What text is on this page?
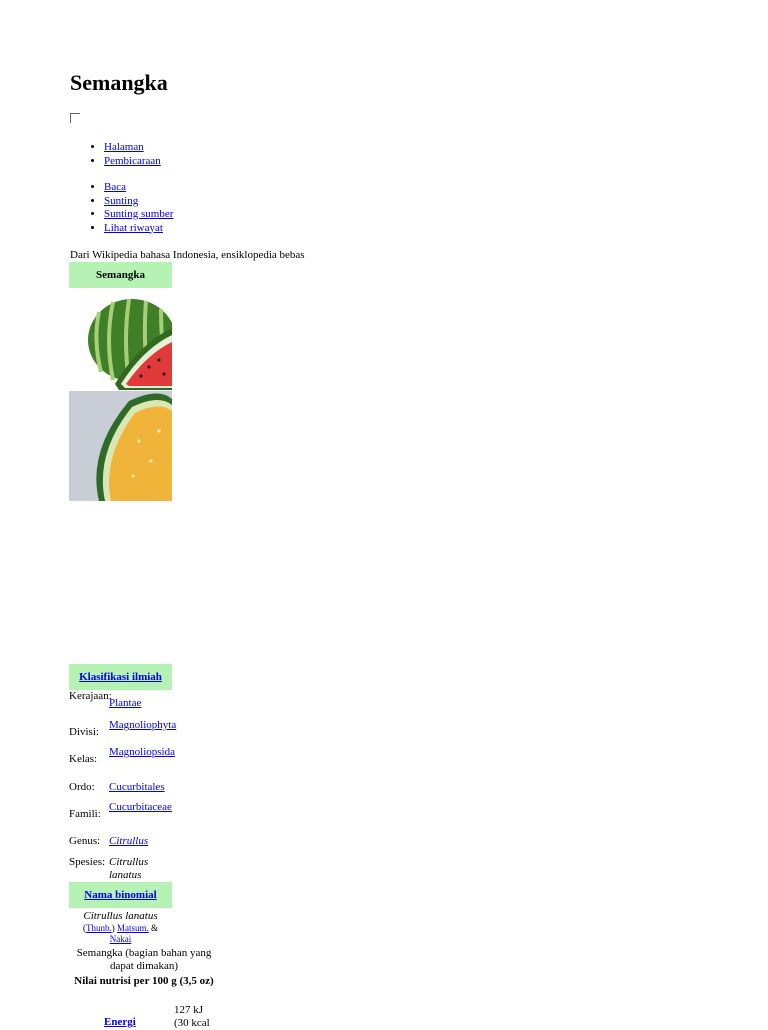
Semangka
• Halaman
• Pembicaraan
• Baca
• Sunting
• Sunting sumber
• Lihat riwayat
Dari Wikipedia bahasa Indonesia, ensiklopedia bebas
Semangka
Klasifikasi ilmiah
Kerajaan:
Plantae
Divisi:
Magnoliophyta
Kelas:
Magnoliopsida
Ordo:	Cucurbitales
Famili:
Cucurbitaceae
Genus: Citrullus
Spesies: Citrullus lanatus
Nama binomial
Citrullus lanatus
(Thunb.) Matsum. &
Nakai
Semangka (bagian bahan yang dapat dimakan)
Nilai nutrisi per 100 g (3,5 oz)
127 kJ (30 kcal
Energi
